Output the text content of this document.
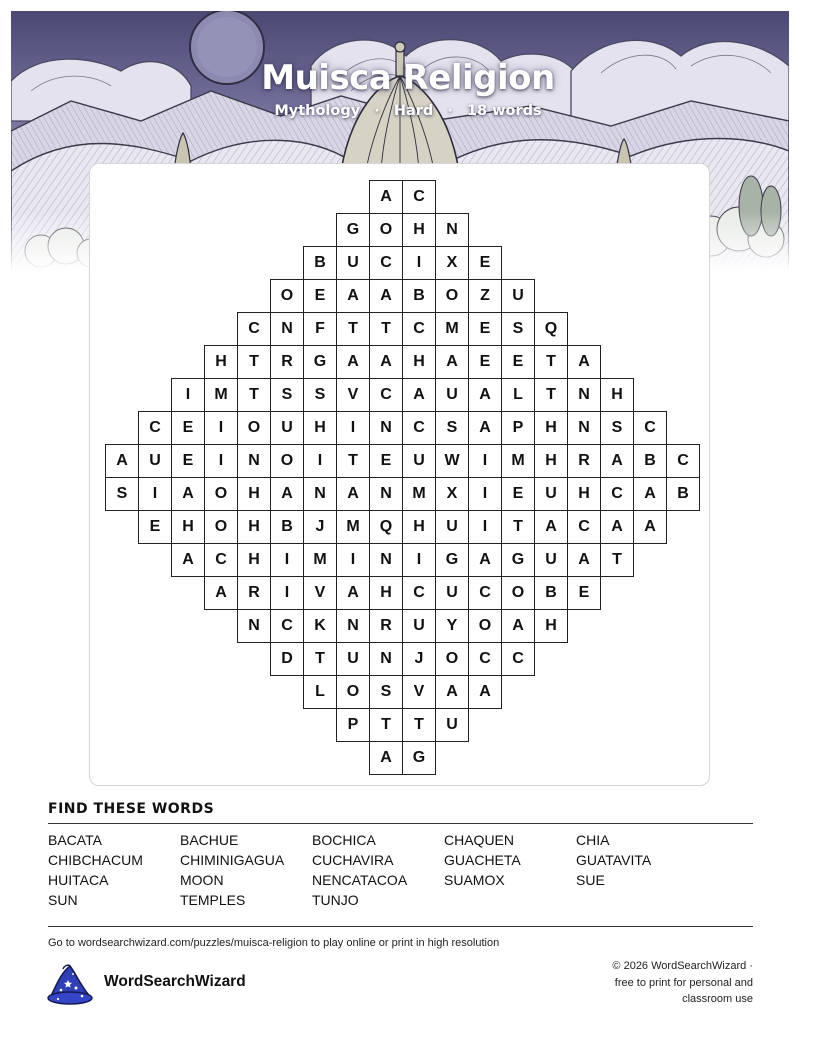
Muisca Religion
Mythology · Hard · 18 words
A	C
G	O	H	N
B	U	C	I	X	E
O	E	A	A	B	O	Z	U
C	N	F	T	T	C	M	E	S	Q
H	T	R	G	A	A	H	A	E	E	T	A
I	M	T	S	S	V	C	A	U	A	L	T	N	H
C	E	I	O	U	H	I	N	C	S	A	P	H	N	S	C
A	U	E	I	N	O	I	T	E	U	W	I	M	H	R	A	B	C
S	I	A	O	H	A	N	A	N	M	X	I	E	U	H	C	A	B
E	H	O	H	B	J	M	Q	H	U	I	T	A	C	A	A
A	C	H	I	M	I	N	I	G	A	G	U	A	T
A	R	I	V	A	H	C	U	C	O	B	E
N	C	K	N	R	U	Y	O	A	H
D	T	U	N	J	O	C	C
L	O	S	V	A	A
P	T	T	U
A	G
FIND THESE WORDS
BACATA	BACHUE	BOCHICA	CHAQUEN	CHIA
CHIBCHACUM	CHIMINIGAGUA CUCHAVIRA	GUACHETA	GUATAVITA
HUITACA	MOON	NENCATACOA	SUAMOX	SUE
SUN	TEMPLES	TUNJO
Go to wordsearchwizard.com/puzzles/muisca-religion to play online or print in high resolution
WordSearchWizard
© 2026 WordSearchWizard ·
free to print for personal and
classroom use
